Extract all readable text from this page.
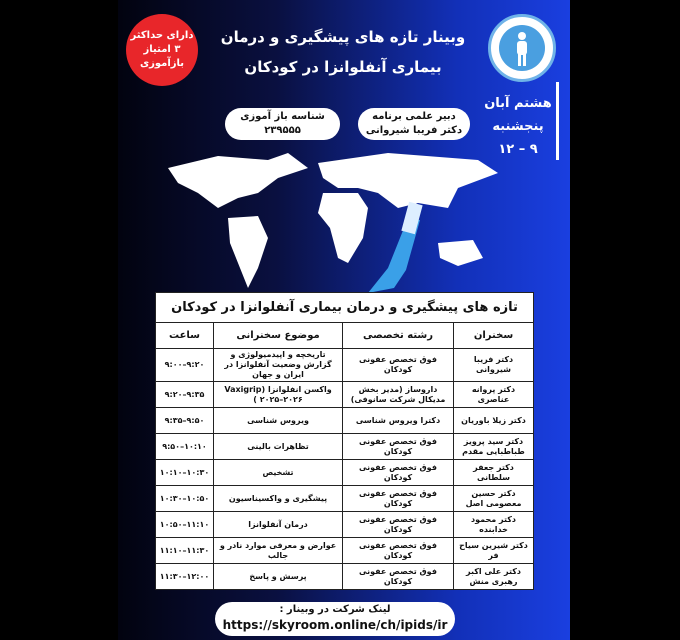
دارای حداکثر
۳ امتیاز
بازآموزی
وبینار تازه های پیشگیری و درمان
بیماری آنفلوانزا در کودکان
هشتم آبان
پنجشنبه
۹ – ۱۲
دبیر علمی برنامه
دکتر فریبا شیروانی
شناسه باز آموزی
۲۳۹۵۵۵
تازه های پیشگیری و درمان بیماری آنفلوانزا در کودکان			
سخنران	رشته تخصصی	موضوع سخنرانی	ساعت
دکتر فریبا شیروانی	فوق تخصص عفونی کودکان	تاریخچه و اپیدمیولوژی و گزارش وضعیت آنفلوانزا در ایران و جهان	۹:۰۰–۹:۲۰
دکتر پروانه عناصری	داروساز (مدیر بخش مدیکال شرکت سانوفی)	واکسن انفلوانزا (Vaxigrip ۲۰۲۵–۲۰۲۶ )	۹:۲۰–۹:۳۵
دکتر زیلا باوریان	دکترا ویروس شناسی	ویروس شناسی	۹:۳۵–۹:۵۰
دکتر سید پرویز طباطبایی مقدم	فوق تخصص عفونی کودکان	تظاهرات بالینی	۹:۵۰–۱۰:۱۰
دکتر جعفر سلطانی	فوق تخصص عفونی کودکان	تشخیص	۱۰:۱۰–۱۰:۳۰
دکتر حسین معصومی اصل	فوق تخصص عفونی کودکان	پیشگیری و واکسیناسیون	۱۰:۳۰–۱۰:۵۰
دکتر محمود خدابنده	فوق تخصص عفونی کودکان	درمان آنفلوانزا	۱۰:۵۰–۱۱:۱۰
دکتر شیرین سیاح فر	فوق تخصص عفونی کودکان	عوارض و معرفی موارد نادر و جالب	۱۱:۱۰–۱۱:۳۰
دکتر علی اکبر رهبری منش	فوق تخصص عفونی کودکان	پرسش و پاسخ	۱۱:۳۰–۱۲:۰۰
لینک شرکت در وبینار :
https://skyroom.online/ch/ipids/ir
